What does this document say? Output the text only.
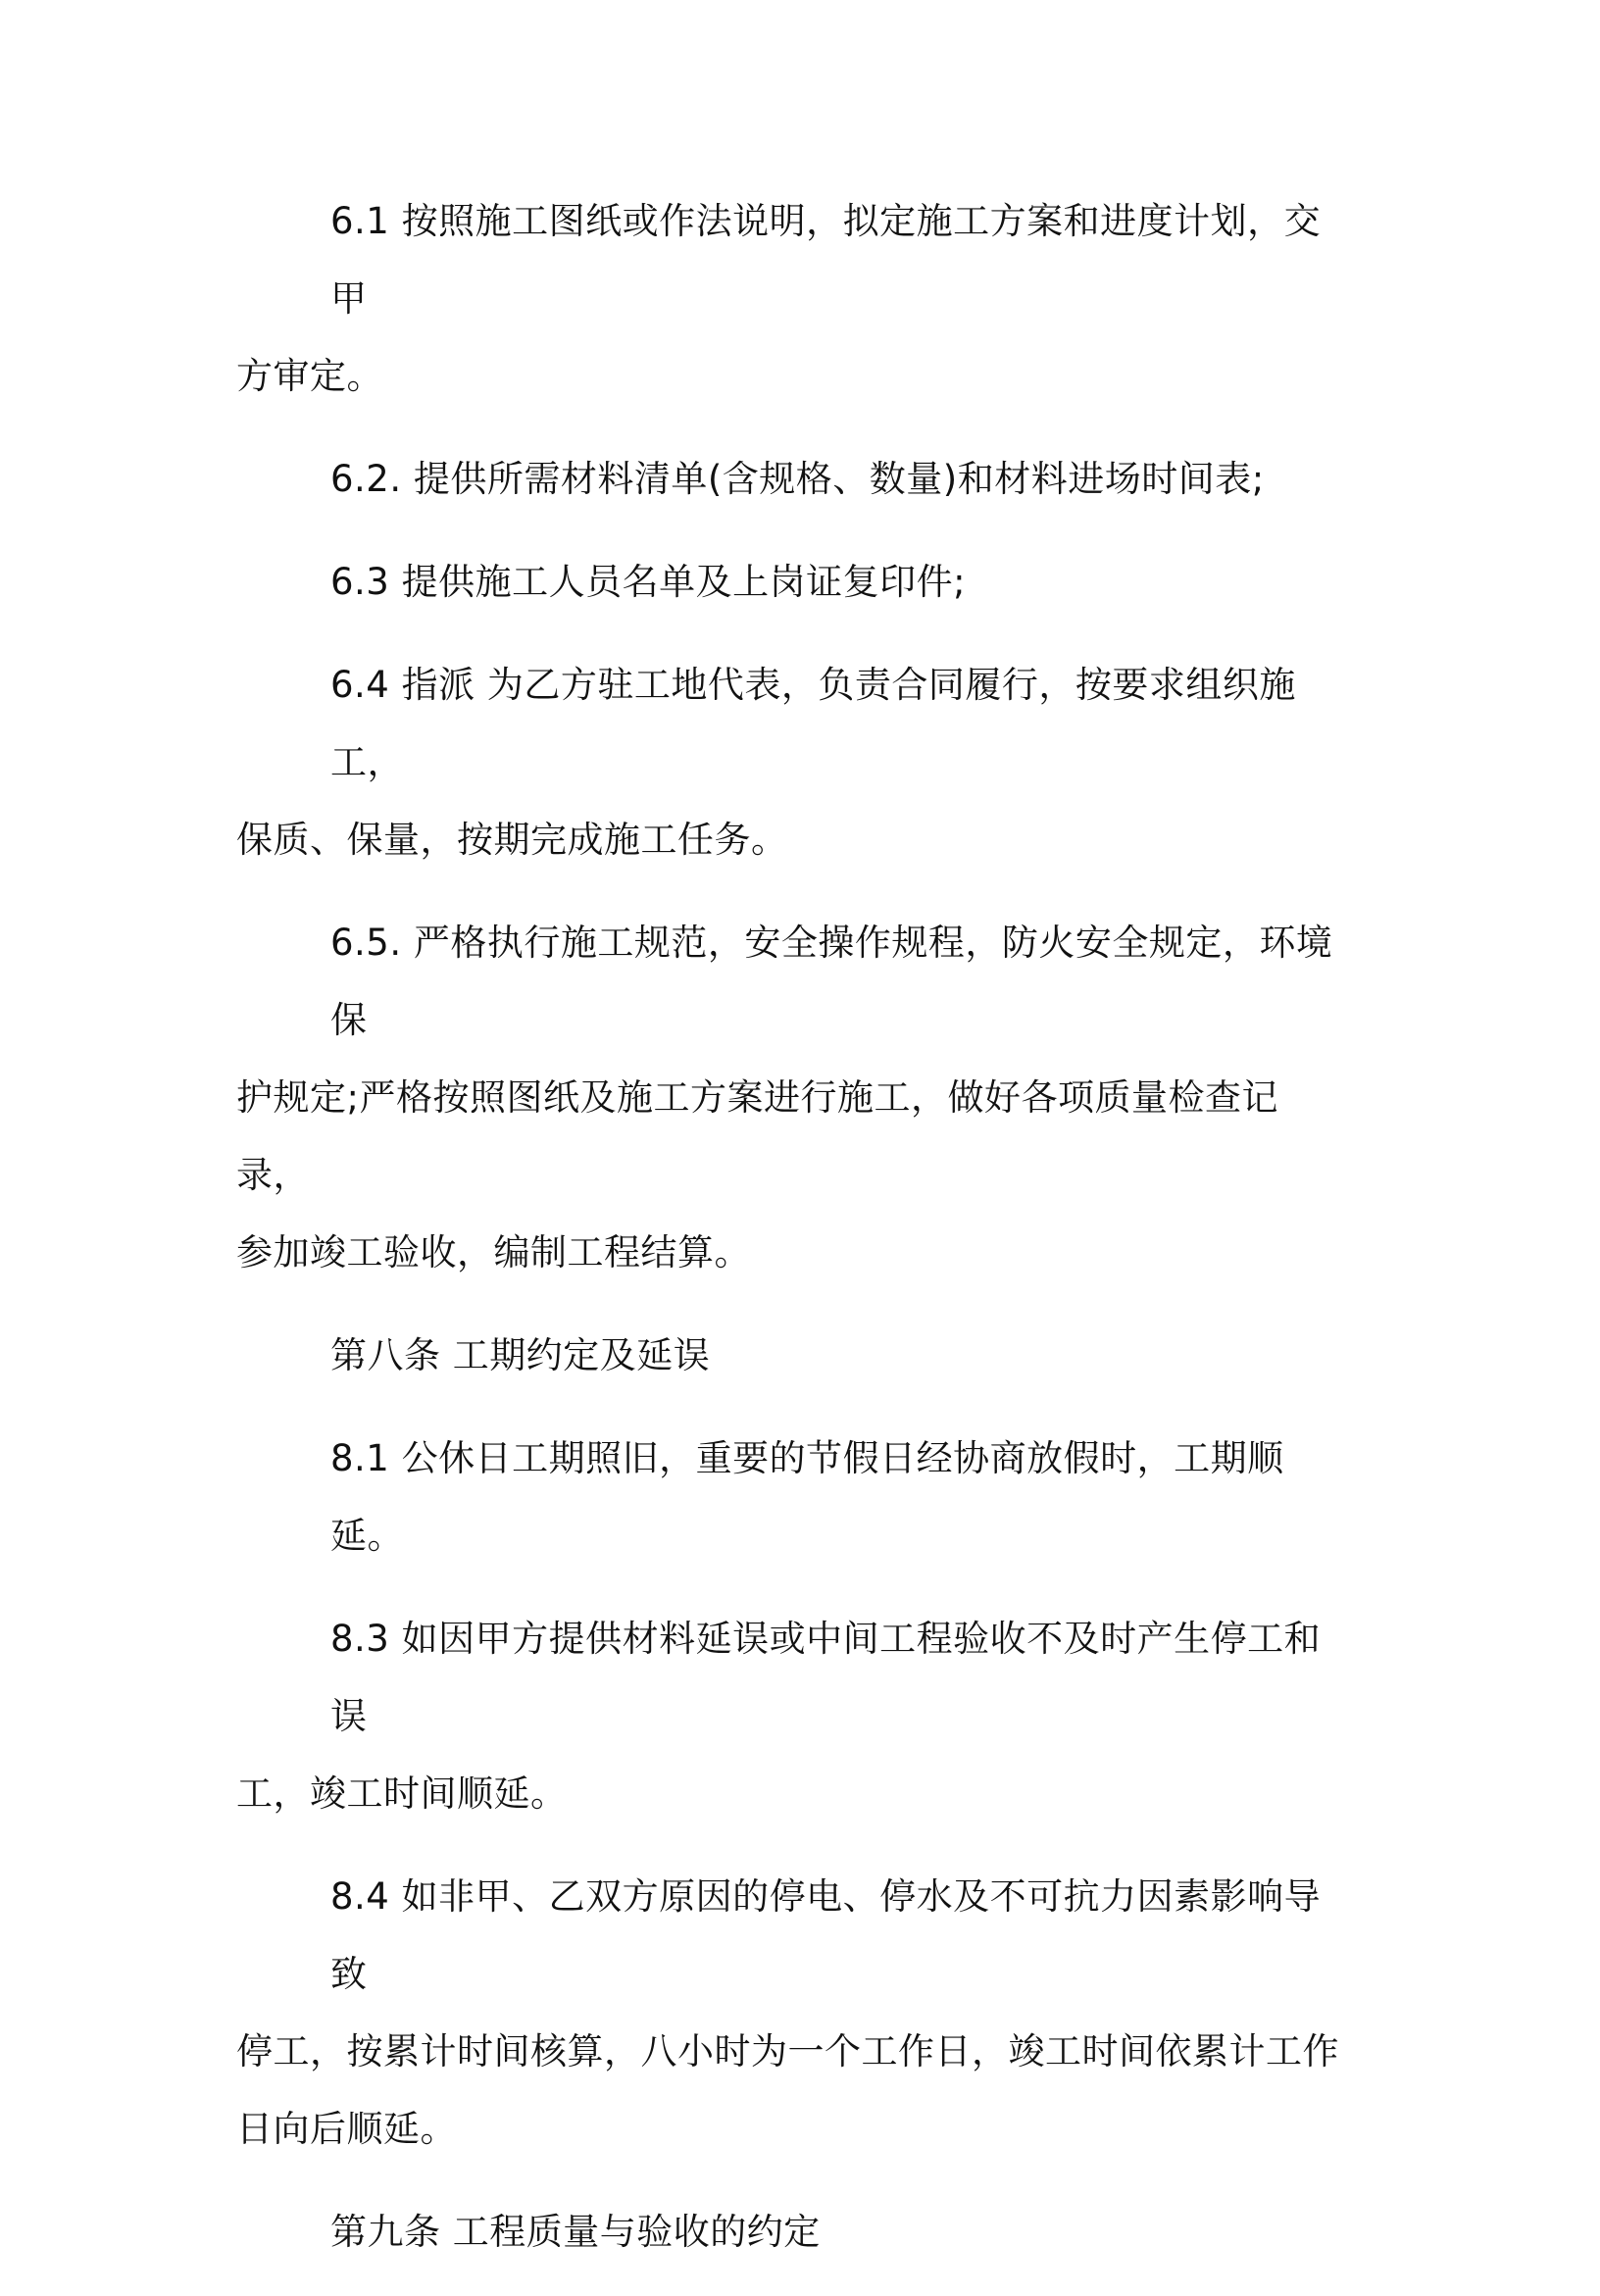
6.1 按照施工图纸或作法说明，拟定施工方案和进度计划，交甲
方审定。

6.2. 提供所需材料清单(含规格、数量)和材料进场时间表;

6.3 提供施工人员名单及上岗证复印件;

6.4 指派 为乙方驻工地代表，负责合同履行，按要求组织施工，
保质、保量，按期完成施工任务。

6.5. 严格执行施工规范，安全操作规程，防火安全规定，环境保
护规定;严格按照图纸及施工方案进行施工，做好各项质量检查记录，
参加竣工验收，编制工程结算。

第八条 工期约定及延误

8.1 公休日工期照旧，重要的节假日经协商放假时，工期顺延。

8.3 如因甲方提供材料延误或中间工程验收不及时产生停工和误
工，竣工时间顺延。

8.4 如非甲、乙双方原因的停电、停水及不可抗力因素影响导致
停工，按累计时间核算，八小时为一个工作日，竣工时间依累计工作
日向后顺延。

第九条 工程质量与验收的约定
